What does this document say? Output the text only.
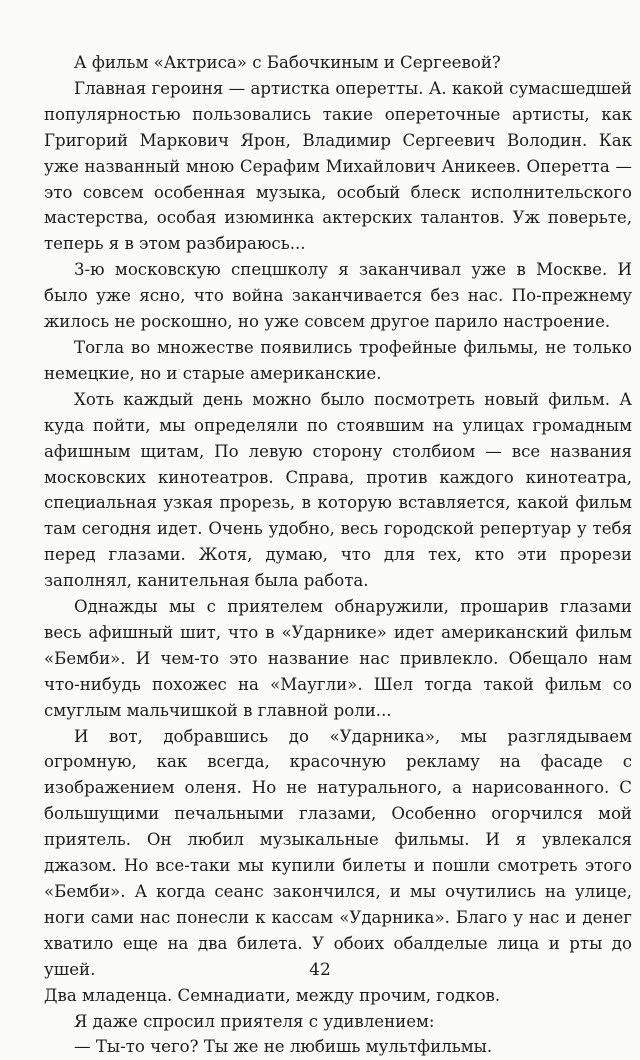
А фильм «Актриса» с Бабочкиным и Сергеевой?

Главная героиня — артистка оперетты. А. какой сумасшедшей популярностью пользовались такие опереточные артисты, как Григорий Маркович Ярон, Владимир Сергеевич Володин. Как уже названный мною Серафим Михайлович Аникеев. Оперетта — это совсем особенная музыка, особый блеск исполнительского мастерства, особая изюминка актерских талантов. Уж поверьте, теперь я в этом разбираюсь...

3-ю московскую спецшколу я заканчивал уже в Москве. И было уже ясно, что война заканчивается без нас. По-прежнему жилось не роскошно, но уже совсем другое парило настроение.

Тогла во множестве появились трофейные фильмы, не только немецкие, но и старые американские.

Хоть каждый день можно было посмотреть новый фильм. А куда пойти, мы определяли по стоявшим на улицах громадным афишным щитам, По левую сторону столбиом — все названия московских кинотеатров. Справа, против каждого кинотеатра, специальная узкая прорезь, в которую вставляется, какой фильм там сегодня идет. Очень удобно, весь городской репертуар у тебя перед глазами. Жотя, думаю, что для тех, кто эти прорези заполнял, канительная была работа.

Однажды мы с приятелем обнаружили, прошарив глазами весь афишный шит, что в «Ударнике» идет американский фильм «Бемби». И чем-то это название нас привлекло. Обещало нам что-нибудь похожес на «Маугли». Шел тогда такой фильм со смуглым мальчишкой в главной роли...

И вот, добравшись до «Ударника», мы разглядываем огромную, как всегда, красочную рекламу на фасаде с изображением оленя. Но не натурального, а нарисованного. С большущими печальными глазами, Особенно огорчился мой приятель. Он любил музыкальные фильмы. И я увлекался джазом. Но все-таки мы купили билеты и пошли смотреть этого «Бемби». А когда сеанс закончился, и мы очутились на улице, ноги сами нас понесли к кассам «Ударника». Благо у нас и денег хватило еще на два билета. У обоих обалделые лица и рты до ушей.

Два младенца. Семнадиати, между прочим, годков.

Я даже спросил приятеля с удивлением:

— Ты-то чего? Ты же не любишь мультфильмы.

42
